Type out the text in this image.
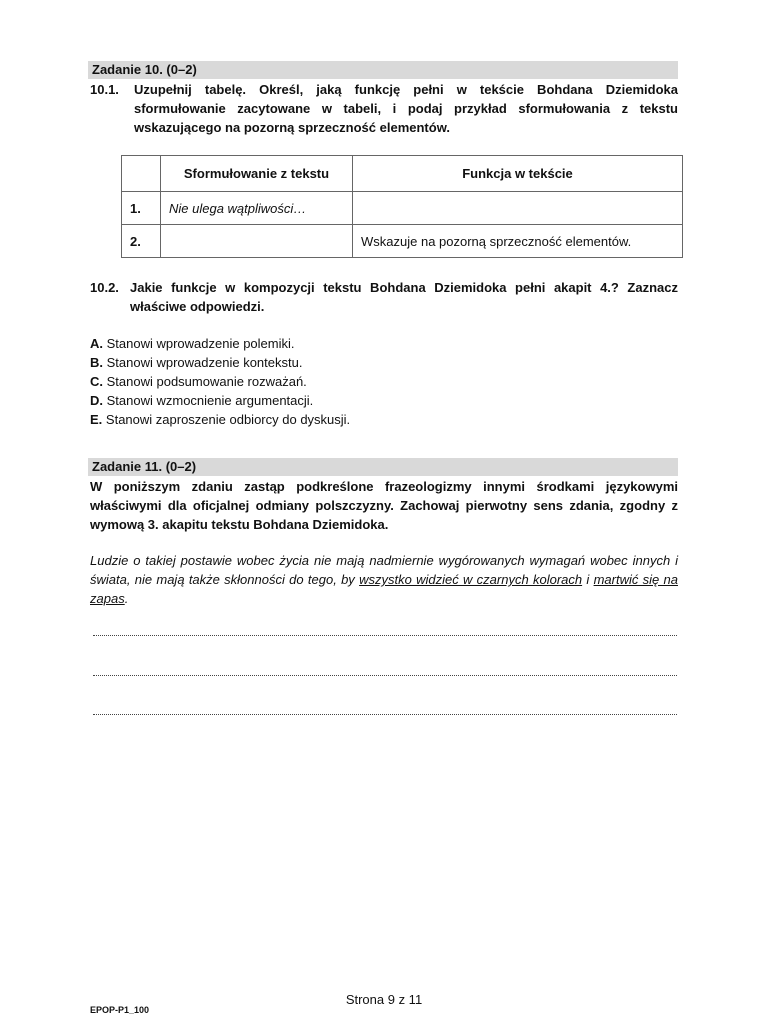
Zadanie 10. (0–2)
10.1. Uzupełnij tabelę. Określ, jaką funkcję pełni w tekście Bohdana Dziemidoka sformułowanie zacytowane w tabeli, i podaj przykład sformułowania z tekstu wskazującego na pozorną sprzeczność elementów.
	Sformułowanie z tekstu	Funkcja w tekście
1.	Nie ulega wątpliwości…	
2.		Wskazuje na pozorną sprzeczność elementów.
10.2. Jakie funkcje w kompozycji tekstu Bohdana Dziemidoka pełni akapit 4.? Zaznacz właściwe odpowiedzi.
A. Stanowi wprowadzenie polemiki.
B. Stanowi wprowadzenie kontekstu.
C. Stanowi podsumowanie rozważań.
D. Stanowi wzmocnienie argumentacji.
E. Stanowi zaproszenie odbiorcy do dyskusji.
Zadanie 11. (0–2)
W poniższym zdaniu zastąp podkreślone frazeologizmy innymi środkami językowymi właściwymi dla oficjalnej odmiany polszczyzny. Zachowaj pierwotny sens zdania, zgodny z wymową 3. akapitu tekstu Bohdana Dziemidoka.
Ludzie o takiej postawie wobec życia nie mają nadmiernie wygórowanych wymagań wobec innych i świata, nie mają także skłonności do tego, by wszystko widzieć w czarnych kolorach i martwić się na zapas.
Strona 9 z 11
EPOP-P1_100
